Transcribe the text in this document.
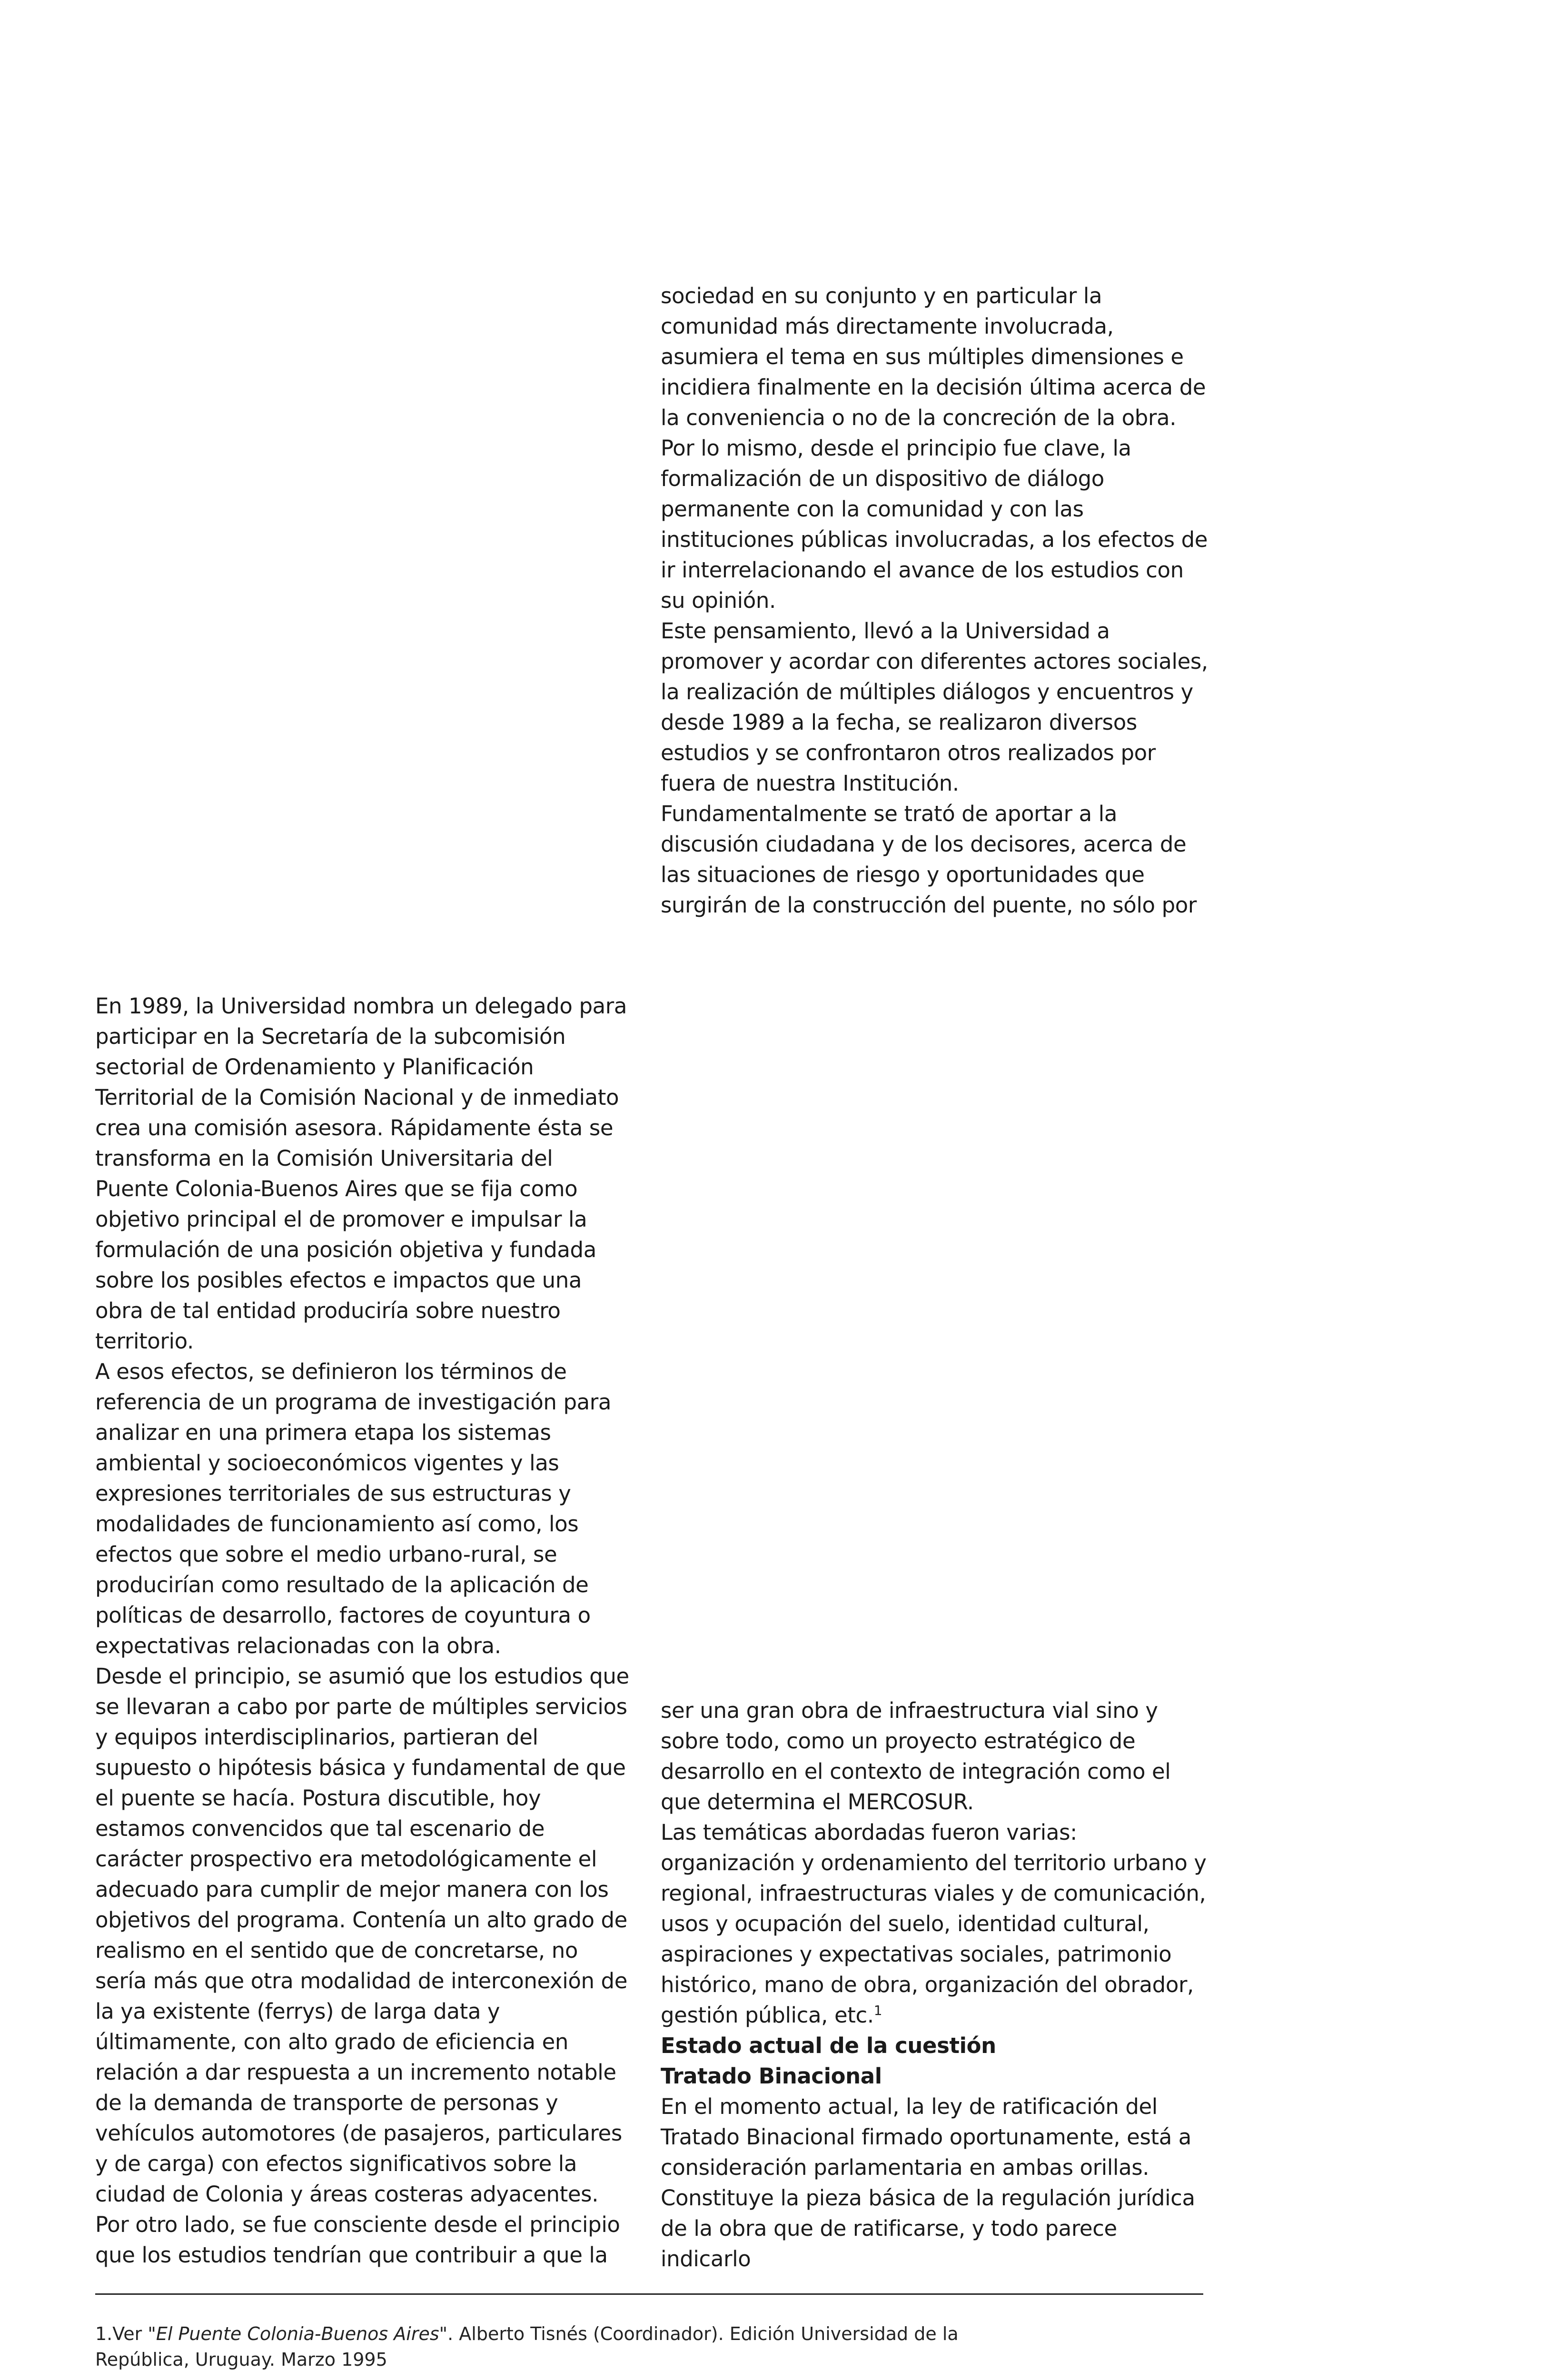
sociedad en su conjunto y en particular la comunidad más directamente involucrada, asumiera el tema en sus múltiples dimensiones e incidiera finalmente en la decisión última acerca de la conveniencia o no de la concreción de la obra.

Por lo mismo, desde el principio fue clave, la formalización de un dispositivo de diálogo permanente con la comunidad y con las instituciones públicas involucradas, a los efectos de ir interrelacionando el avance de los estudios con su opinión.

Este pensamiento, llevó a la Universidad a promover y acordar con diferentes actores sociales, la realización de múltiples diálogos y encuentros y desde 1989 a la fecha, se realizaron diversos estudios y se confrontaron otros realizados por fuera de nuestra Institución.

Fundamentalmente se trató de aportar a la discusión ciudadana y de los decisores, acerca de las situaciones de riesgo y oportunidades que surgirán de la construcción del puente, no sólo por

En 1989, la Universidad nombra un delegado para participar en la Secretaría de la subcomisión sectorial de Ordenamiento y Planificación Territorial de la Comisión Nacional y de inmediato crea una comisión asesora. Rápidamente ésta se transforma en la Comisión Universitaria del Puente Colonia-Buenos Aires que se fija como objetivo principal el de promover e impulsar la formulación de una posición objetiva y fundada sobre los posibles efectos e impactos que una obra de tal entidad produciría sobre nuestro territorio.

A esos efectos, se definieron los términos de referencia de un programa de investigación para analizar en una primera etapa los sistemas ambiental y socioeconómicos vigentes y las expresiones territoriales de sus estructuras y modalidades de funcionamiento así como, los efectos que sobre el medio urbano-rural, se producirían como resultado de la aplicación de políticas de desarrollo, factores de coyuntura o expectativas relacionadas con la obra.

Desde el principio, se asumió que los estudios que se llevaran a cabo por parte de múltiples servicios y equipos interdisciplinarios, partieran del supuesto o hipótesis básica y fundamental de que el puente se hacía. Postura discutible, hoy estamos convencidos que tal escenario de carácter prospectivo era metodológicamente el adecuado para cumplir de mejor manera con los objetivos del programa. Contenía un alto grado de realismo en el sentido que de concretarse, no sería más que otra modalidad de interconexión de la ya existente (ferrys) de larga data y últimamente, con alto grado de eficiencia en relación a dar respuesta a un incremento notable de la demanda de transporte de personas y vehículos automotores (de pasajeros, particulares y de carga) con efectos significativos sobre la ciudad de Colonia y áreas costeras adyacentes.

Por otro lado, se fue consciente desde el principio que los estudios tendrían que contribuir a que la

ser una gran obra de infraestructura vial sino y sobre todo, como un proyecto estratégico de desarrollo en el contexto de integración como el que determina el MERCOSUR.

Las temáticas abordadas fueron varias: organización y ordenamiento del territorio urbano y regional, infraestructuras viales y de comunicación, usos y ocupación del suelo, identidad cultural, aspiraciones y expectativas sociales, patrimonio histórico, mano de obra, organización del obrador, gestión pública, etc.$^1$

Estado actual de la cuestión

Tratado Binacional

En el momento actual, la ley de ratificación del Tratado Binacional firmado oportunamente, está a consideración parlamentaria en ambas orillas.

Constituye la pieza básica de la regulación jurídica de la obra que de ratificarse, y todo parece indicarlo

1.Ver "El Puente Colonia-Buenos Aires". Alberto Tisnés (Coordinador). Edición Universidad de la República, Uruguay. Marzo 1995
